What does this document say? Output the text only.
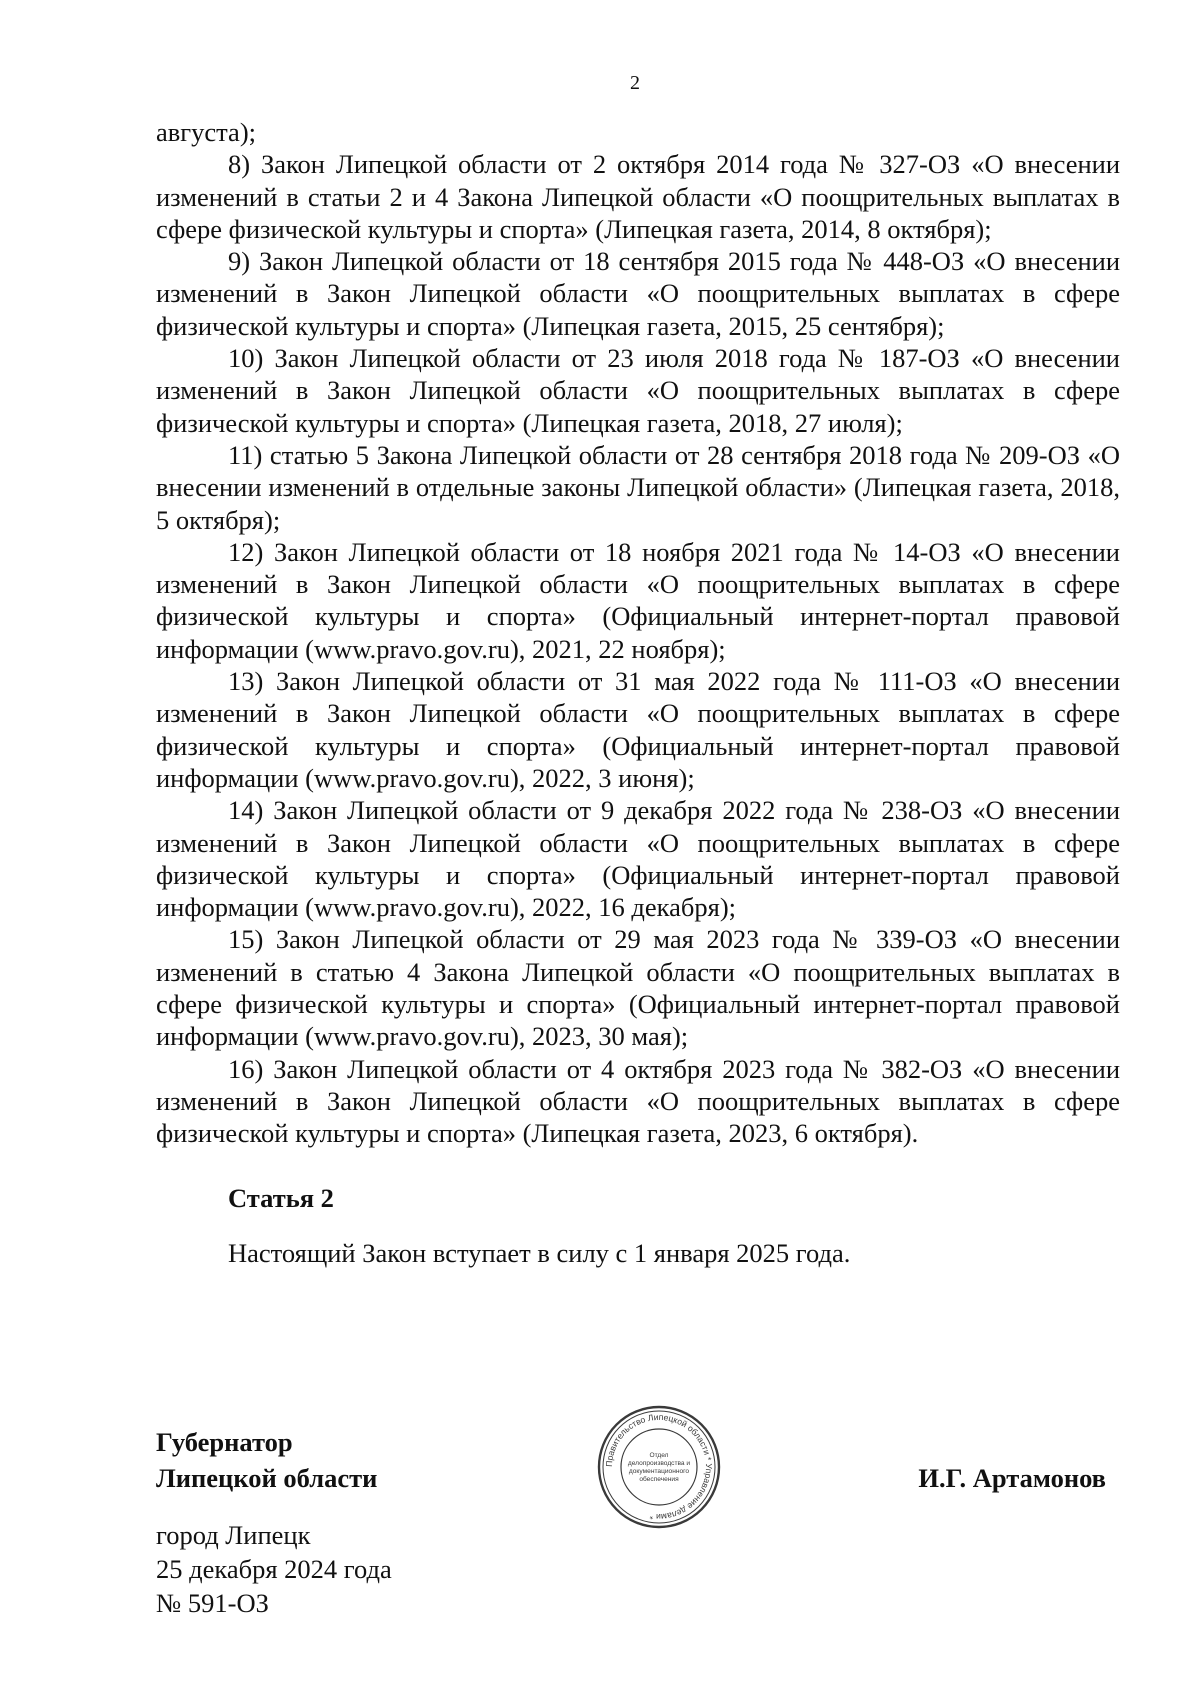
2

августа);

8) Закон Липецкой области от 2 октября 2014 года № 327-ОЗ «О внесении изменений в статьи 2 и 4 Закона Липецкой области «О поощрительных выплатах в сфере физической культуры и спорта» (Липецкая газета, 2014, 8 октября);

9) Закон Липецкой области от 18 сентября 2015 года № 448-ОЗ «О внесении изменений в Закон Липецкой области «О поощрительных выплатах в сфере физической культуры и спорта» (Липецкая газета, 2015, 25 сентября);

10) Закон Липецкой области от 23 июля 2018 года № 187-ОЗ «О внесении изменений в Закон Липецкой области «О поощрительных выплатах в сфере физической культуры и спорта» (Липецкая газета, 2018, 27 июля);

11) статью 5 Закона Липецкой области от 28 сентября 2018 года № 209-ОЗ «О внесении изменений в отдельные законы Липецкой области» (Липецкая газета, 2018, 5 октября);

12) Закон Липецкой области от 18 ноября 2021 года № 14-ОЗ «О внесении изменений в Закон Липецкой области «О поощрительных выплатах в сфере физической культуры и спорта» (Официальный интернет-портал правовой информации (www.pravo.gov.ru), 2021, 22 ноября);

13) Закон Липецкой области от 31 мая 2022 года № 111-ОЗ «О внесении изменений в Закон Липецкой области «О поощрительных выплатах в сфере физической культуры и спорта» (Официальный интернет-портал правовой информации (www.pravo.gov.ru), 2022, 3 июня);

14) Закон Липецкой области от 9 декабря 2022 года № 238-ОЗ «О внесении изменений в Закон Липецкой области «О поощрительных выплатах в сфере физической культуры и спорта» (Официальный интернет-портал правовой информации (www.pravo.gov.ru), 2022, 16 декабря);

15) Закон Липецкой области от 29 мая 2023 года № 339-ОЗ «О внесении изменений в статью 4 Закона Липецкой области «О поощрительных выплатах в сфере физической культуры и спорта» (Официальный интернет-портал правовой информации (www.pravo.gov.ru), 2023, 30 мая);

16) Закон Липецкой области от 4 октября 2023 года № 382-ОЗ «О внесении изменений в Закон Липецкой области «О поощрительных выплатах в сфере физической культуры и спорта» (Липецкая газета, 2023, 6 октября).

Статья 2
Настоящий Закон вступает в силу с 1 января 2025 года.
Губернатор
Липецкой области	И.Г. Артамонов
Правительство Липецкой области * Управление делами *
Отдел
делопроизводства и
документационного
обеспечения
город Липецк
25 декабря 2024 года
№ 591-ОЗ
